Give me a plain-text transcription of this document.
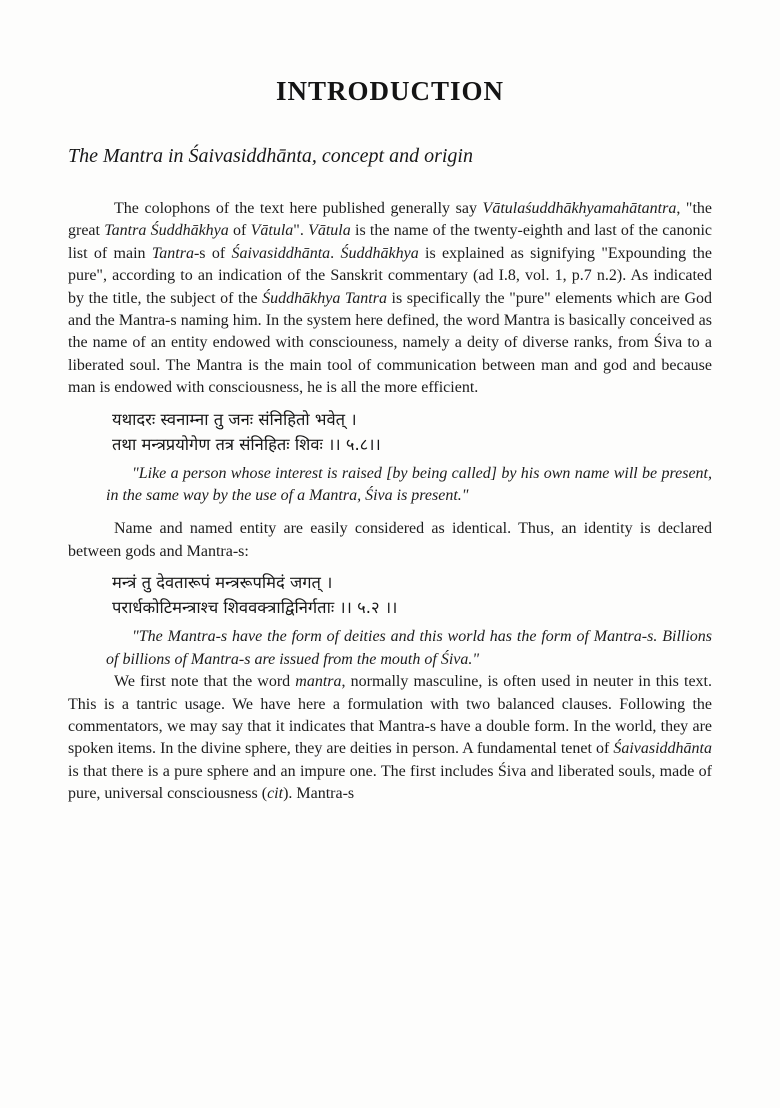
INTRODUCTION
The Mantra in Śaivasiddhānta, concept and origin

The colophons of the text here published generally say Vātulaśuddhākhyamahātantra, "the great Tantra Śuddhākhya of Vātula". Vātula is the name of the twenty-eighth and last of the canonic list of main Tantra-s of Śaivasiddhānta. Śuddhākhya is explained as signifying "Expounding the pure", according to an indication of the Sanskrit commentary (ad I.8, vol. 1, p.7 n.2). As indicated by the title, the subject of the Śuddhākhya Tantra is specifically the "pure" elements which are God and the Mantra-s naming him. In the system here defined, the word Mantra is basically conceived as the name of an entity endowed with consciouness, namely a deity of diverse ranks, from Śiva to a liberated soul. The Mantra is the main tool of communication between man and god and because man is endowed with consciousness, he is all the more efficient.

यथादरः स्वनाम्ना तु जनः संनिहितो भवेत् ।
तथा मन्त्रप्रयोगेण तत्र संनिहितः शिवः ।। ५.८।।

"Like a person whose interest is raised [by being called] by his own name will be present, in the same way by the use of a Mantra, Śiva is present."

Name and named entity are easily considered as identical. Thus, an identity is declared between gods and Mantra-s:

मन्त्रं तु देवतारूपं मन्त्ररूपमिदं जगत् ।
परार्धकोटिमन्त्राश्च शिववक्त्राद्विनिर्गताः ।। ५.२ ।।

"The Mantra-s have the form of deities and this world has the form of Mantra-s. Billions of billions of Mantra-s are issued from the mouth of Śiva."

We first note that the word mantra, normally masculine, is often used in neuter in this text. This is a tantric usage. We have here a formulation with two balanced clauses. Following the commentators, we may say that it indicates that Mantra-s have a double form. In the world, they are spoken items. In the divine sphere, they are deities in person. A fundamental tenet of Śaivasiddhānta is that there is a pure sphere and an impure one. The first includes Śiva and liberated souls, made of pure, universal consciousness (cit). Mantra-s
